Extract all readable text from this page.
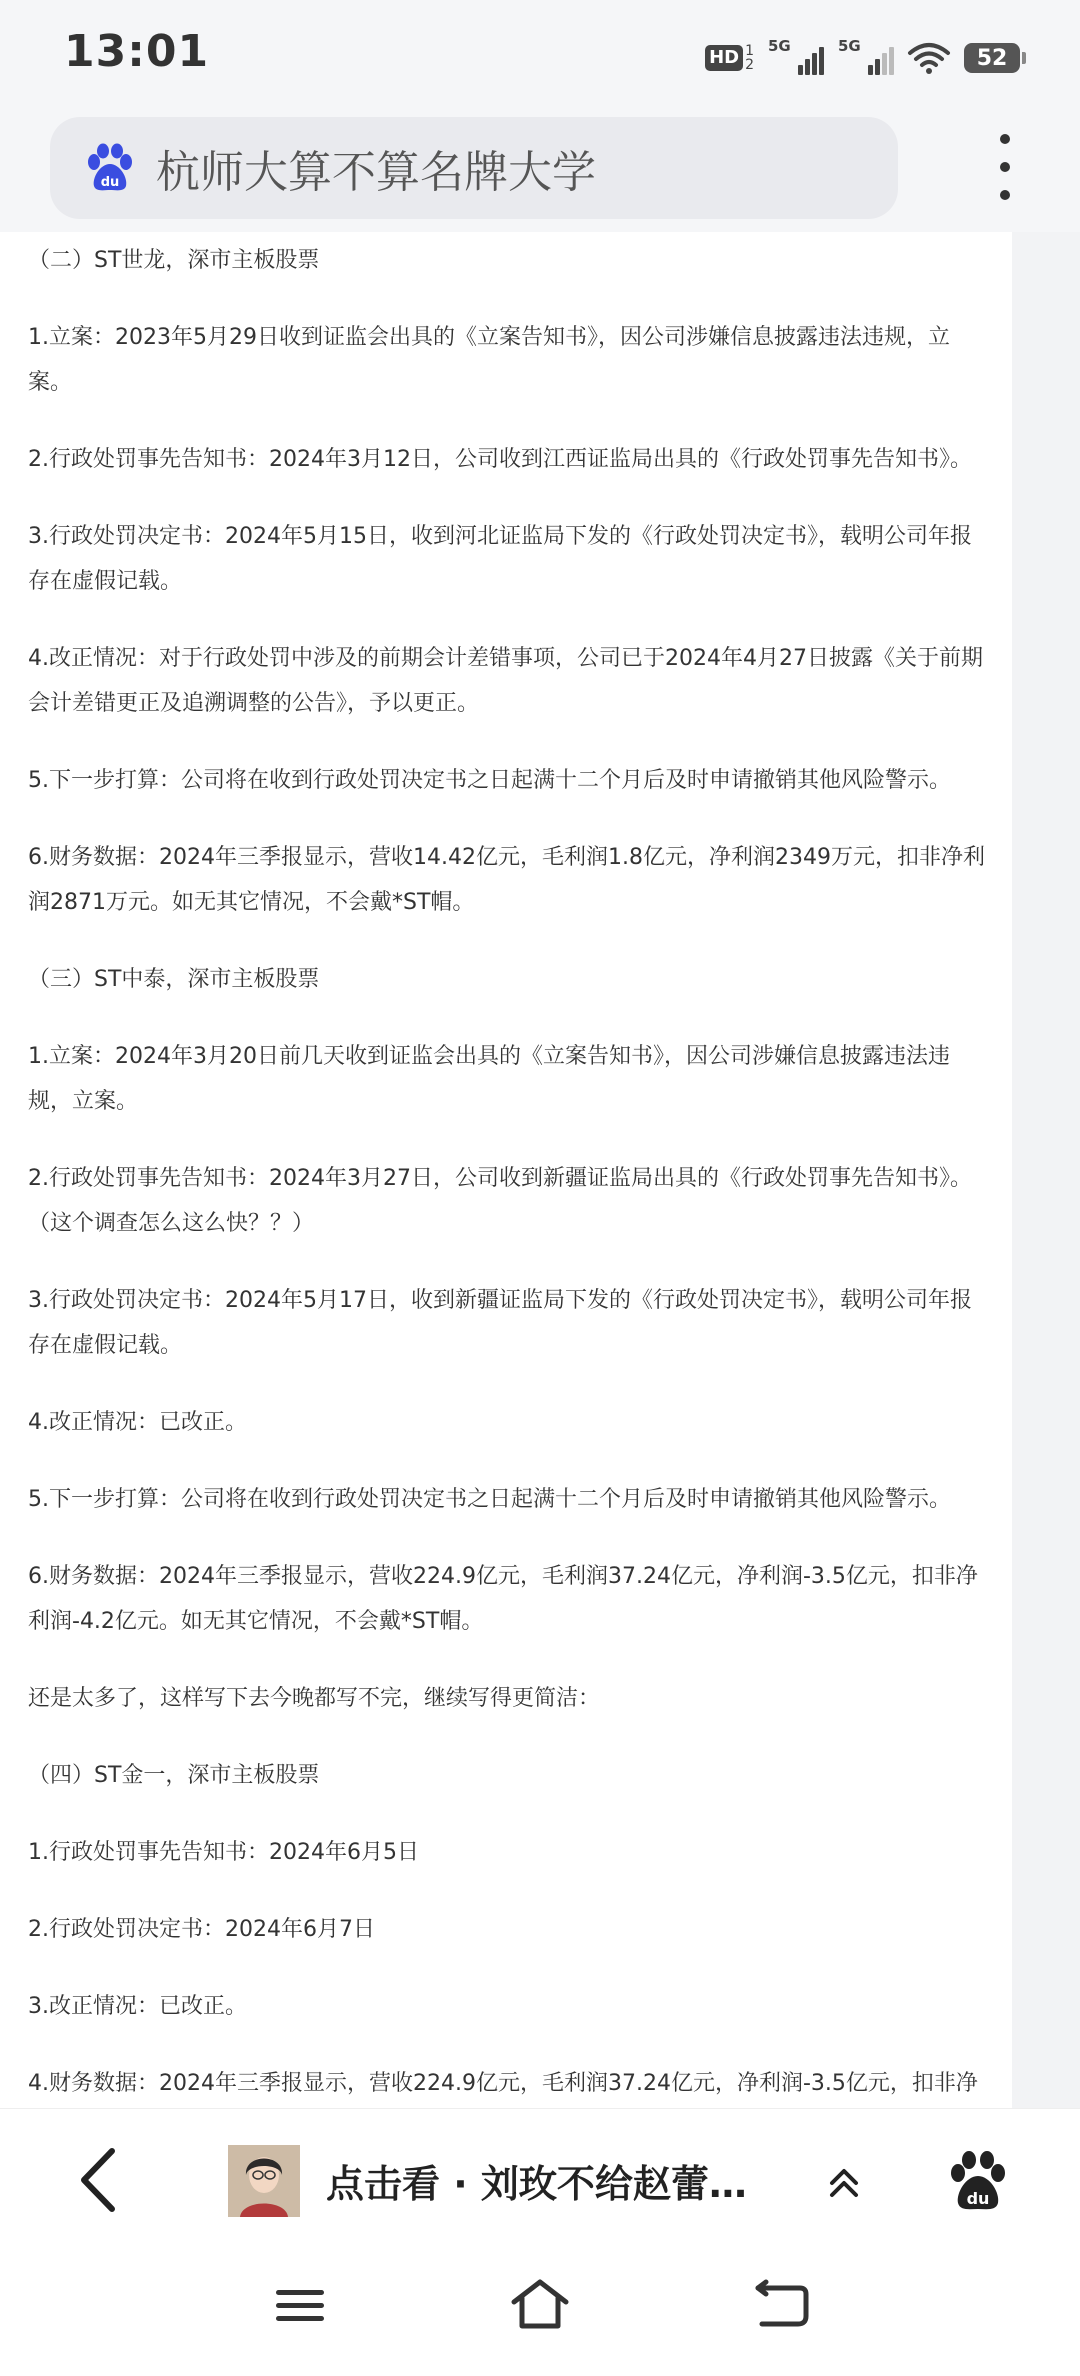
13:01	HD 1
2
5G	5G	52
du 杭师大算不算名牌大学

（二）ST世龙，深市主板股票

1.立案：2023年5月29日收到证监会出具的《立案告知书》，因公司涉嫌信息披露违法违规，立案。

2.行政处罚事先告知书：2024年3月12日，公司收到江西证监局出具的《行政处罚事先告知书》。

3.行政处罚决定书：2024年5月15日，收到河北证监局下发的《行政处罚决定书》，载明公司年报存在虚假记载。

4.改正情况：对于行政处罚中涉及的前期会计差错事项，公司已于2024年4月27日披露《关于前期会计差错更正及追溯调整的公告》，予以更正。

5.下一步打算：公司将在收到行政处罚决定书之日起满十二个月后及时申请撤销其他风险警示。

6.财务数据：2024年三季报显示，营收14.42亿元，毛利润1.8亿元，净利润2349万元，扣非净利润2871万元。如无其它情况，不会戴*ST帽。

（三）ST中泰，深市主板股票

1.立案：2024年3月20日前几天收到证监会出具的《立案告知书》，因公司涉嫌信息披露违法违规，立案。

2.行政处罚事先告知书：2024年3月27日，公司收到新疆证监局出具的《行政处罚事先告知书》。（这个调查怎么这么快？？）

3.行政处罚决定书：2024年5月17日，收到新疆证监局下发的《行政处罚决定书》，载明公司年报存在虚假记载。

4.改正情况：已改正。

5.下一步打算：公司将在收到行政处罚决定书之日起满十二个月后及时申请撤销其他风险警示。

6.财务数据：2024年三季报显示，营收224.9亿元，毛利润37.24亿元，净利润-3.5亿元，扣非净利润-4.2亿元。如无其它情况，不会戴*ST帽。

还是太多了，这样写下去今晚都写不完，继续写得更简洁：

（四）ST金一，深市主板股票

1.行政处罚事先告知书：2024年6月5日

2.行政处罚决定书：2024年6月7日

3.改正情况：已改正。

4.财务数据：2024年三季报显示，营收224.9亿元，毛利润37.24亿元，净利润-3.5亿元，扣非净

点击看 · 刘玫不给赵蕾…	du
